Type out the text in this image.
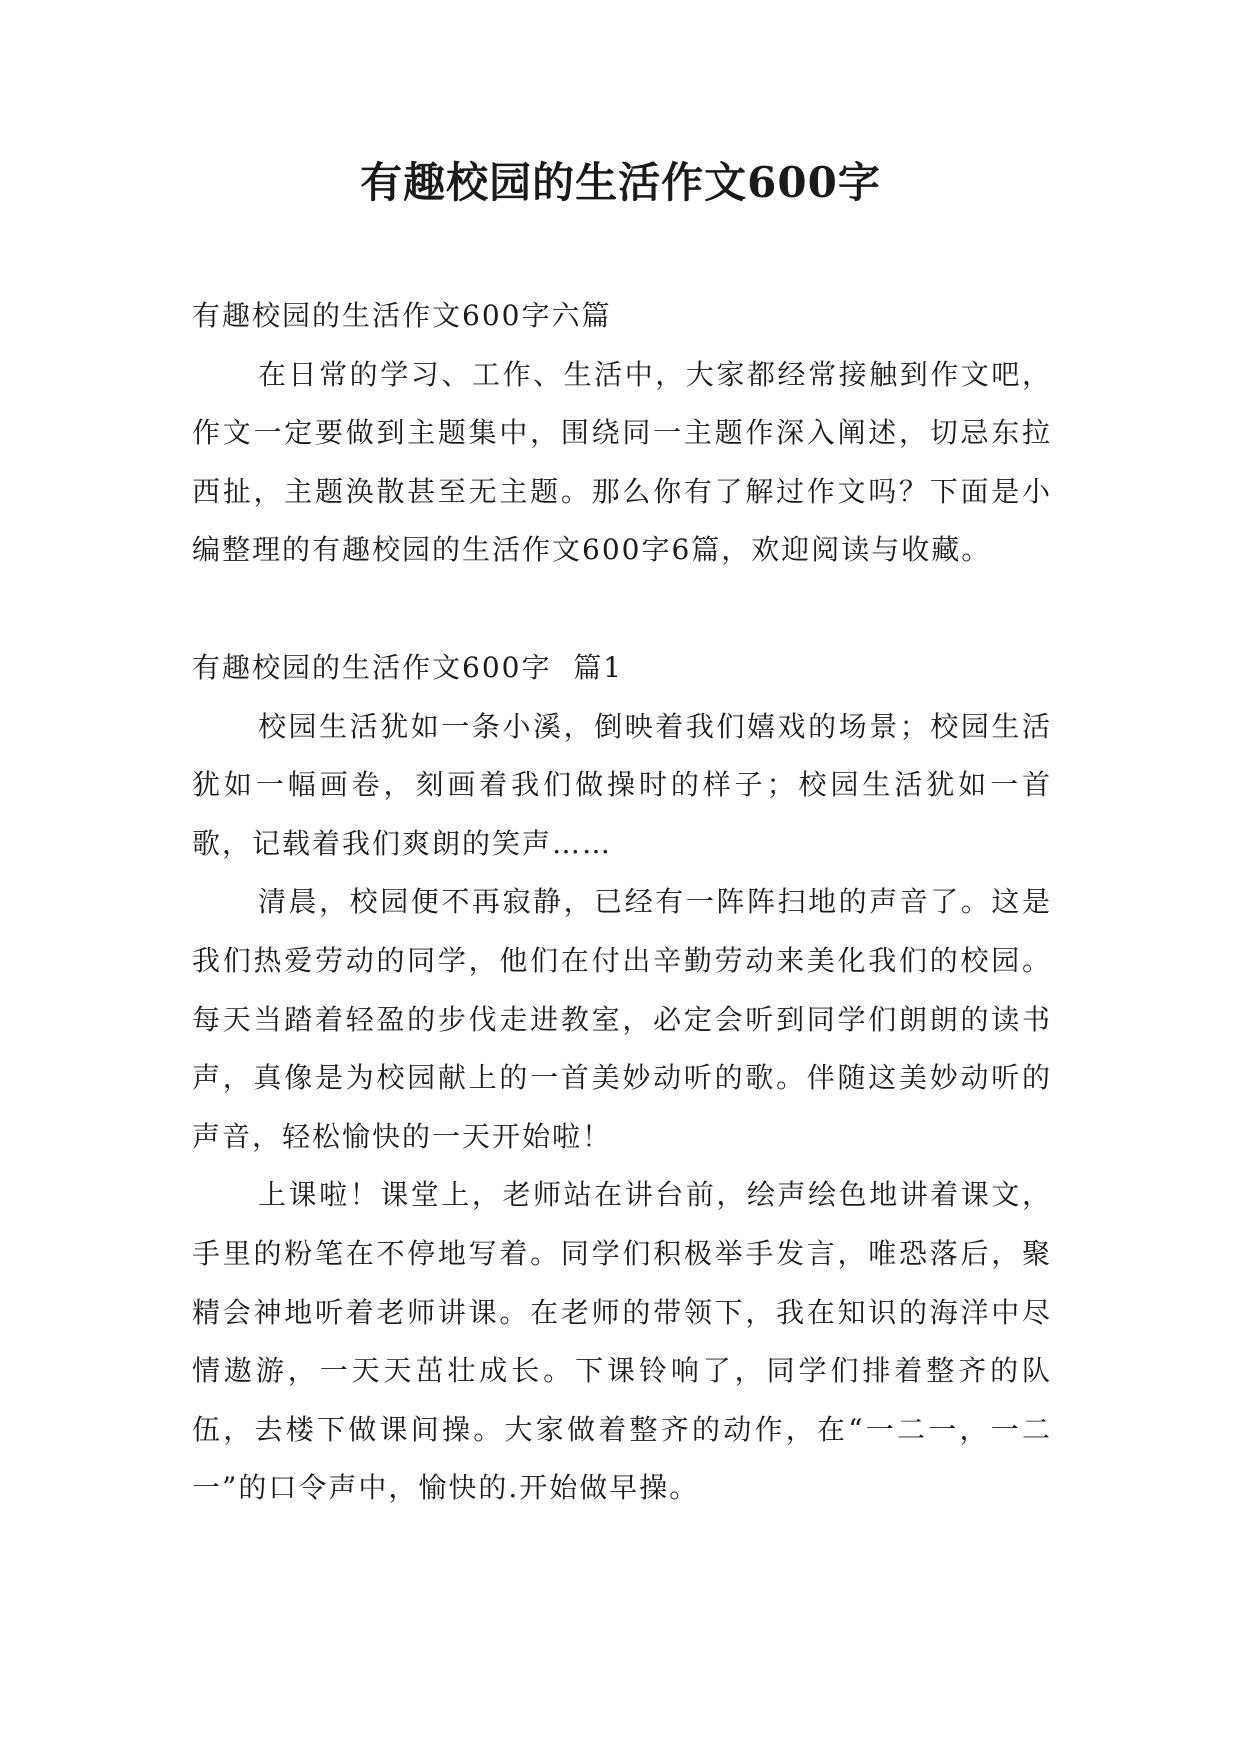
有趣校园的生活作文600字

有趣校园的生活作文600字六篇

在日常的学习、工作、生活中，大家都经常接触到作文吧，作文一定要做到主题集中，围绕同一主题作深入阐述，切忌东拉西扯，主题涣散甚至无主题。那么你有了解过作文吗？下面是小编整理的有趣校园的生活作文600字6篇，欢迎阅读与收藏。

有趣校园的生活作文600字  篇1

校园生活犹如一条小溪，倒映着我们嬉戏的场景；校园生活犹如一幅画卷，刻画着我们做操时的样子；校园生活犹如一首歌，记载着我们爽朗的笑声……

清晨，校园便不再寂静，已经有一阵阵扫地的声音了。这是我们热爱劳动的同学，他们在付出辛勤劳动来美化我们的校园。每天当踏着轻盈的步伐走进教室，必定会听到同学们朗朗的读书声，真像是为校园献上的一首美妙动听的歌。伴随这美妙动听的声音，轻松愉快的一天开始啦！

上课啦！课堂上，老师站在讲台前，绘声绘色地讲着课文，手里的粉笔在不停地写着。同学们积极举手发言，唯恐落后，聚精会神地听着老师讲课。在老师的带领下，我在知识的海洋中尽情遨游，一天天茁壮成长。下课铃响了，同学们排着整齐的队伍，去楼下做课间操。大家做着整齐的动作，在“一二一，一二一”的口令声中，愉快的.开始做早操。
